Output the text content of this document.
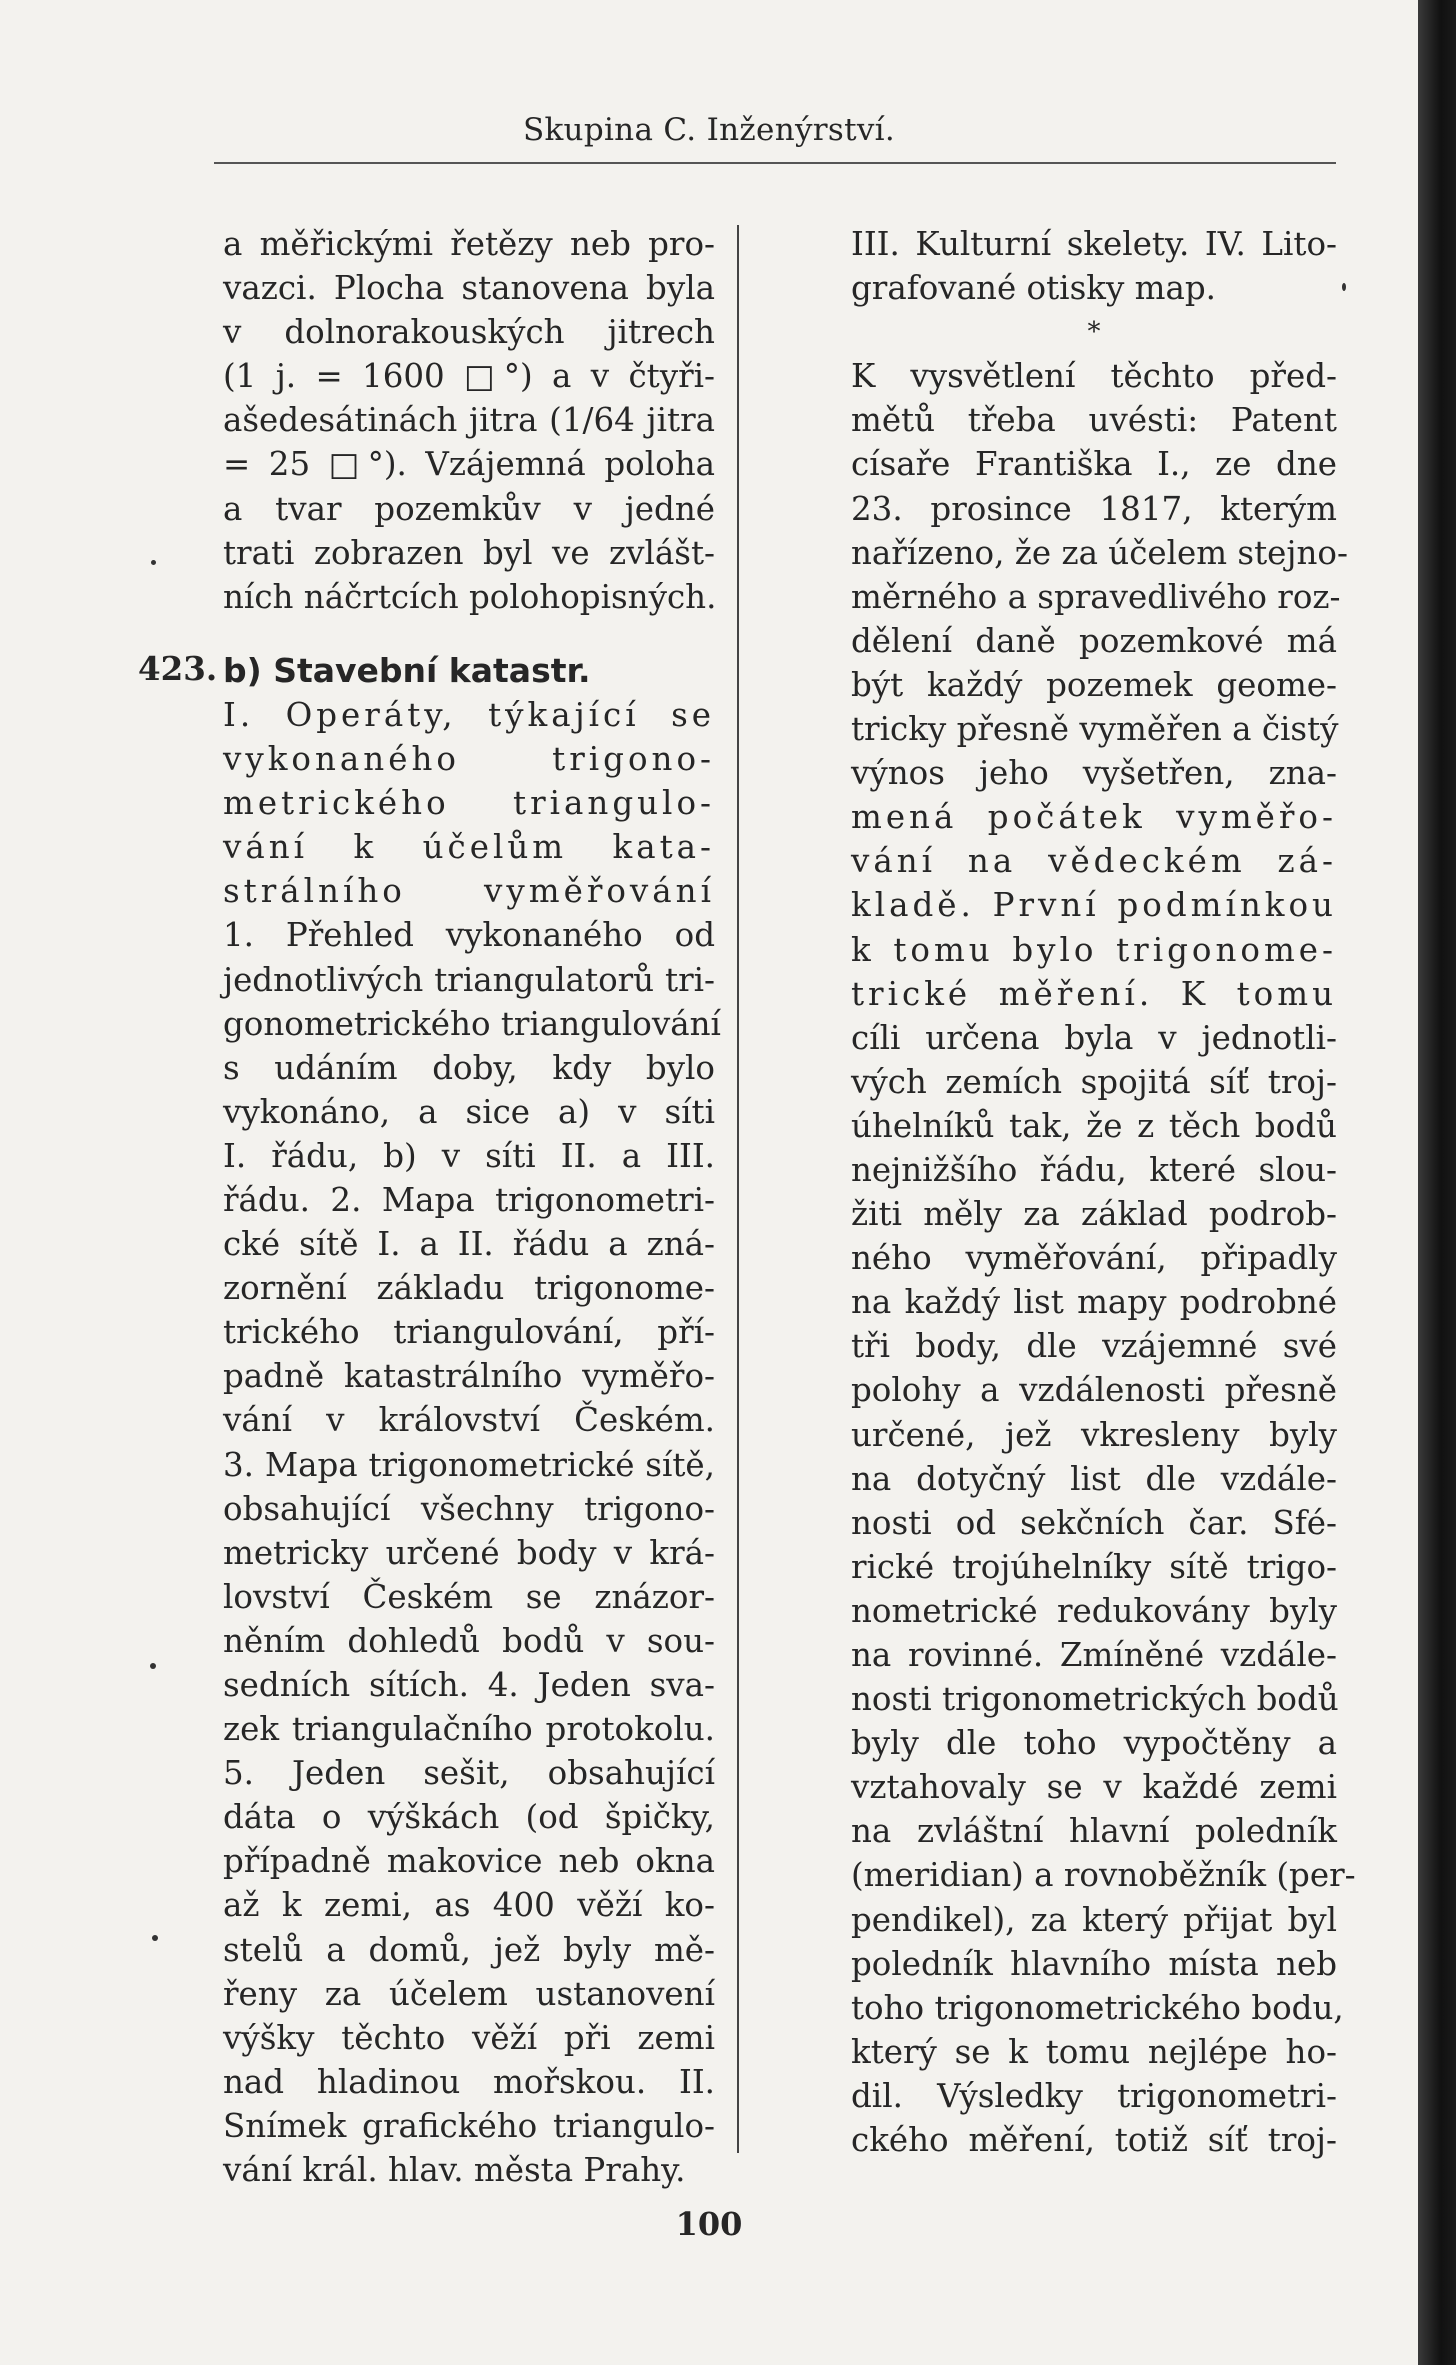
Skupina C. Inženýrství.
423.
a měřickými řetězy neb pro-
vazci. Plocha stanovena byla
v dolnorakouských jitrech
(1 j. = 1600 □°) a v čtyři-
ašedesátinách jitra (1/64 jitra
= 25 □°). Vzájemná poloha
a tvar pozemkův v jedné
trati zobrazen byl ve zvlášt-
ních náčrtcích polohopisných.
b) Stavební katastr.
I. Operáty, týkající se
vykonaného trigono-
metrického triangulo-
vání k účelům kata-
strálního vyměřování
1. Přehled vykonaného od
jednotlivých triangulatorů tri-
gonometrického triangulování
s udáním doby, kdy bylo
vykonáno, a sice a) v síti
I. řádu, b) v síti II. a III.
řádu. 2. Mapa trigonometri-
cké sítě I. a II. řádu a zná-
zornění základu trigonome-
trického triangulování, pří-
padně katastrálního vyměřo-
vání v království Českém.
3. Mapa trigonometrické sítě,
obsahující všechny trigono-
metricky určené body v krá-
lovství Českém se znázor-
něním dohledů bodů v sou-
sedních sítích. 4. Jeden sva-
zek triangulačního protokolu.
5. Jeden sešit, obsahující
dáta o výškách (od špičky,
případně makovice neb okna
až k zemi, as 400 věží ko-
stelů a domů, jež byly mě-
řeny za účelem ustanovení
výšky těchto věží při zemi
nad hladinou mořskou. II.
Snímek grafického triangulo-
vání král. hlav. města Prahy.
III. Kulturní skelety. IV. Lito-
grafované otisky map.
*
K vysvětlení těchto před-
mětů třeba uvésti: Patent
císaře Františka I., ze dne
23. prosince 1817, kterým
nařízeno, že za účelem stejno-
měrného a spravedlivého roz-
dělení daně pozemkové má
být každý pozemek geome-
tricky přesně vyměřen a čistý
výnos jeho vyšetřen, zna-
mená počátek vyměřo-
vání na vědeckém zá-
kladě. První podmínkou
k tomu bylo trigonome-
trické měření. K tomu
cíli určena byla v jednotli-
vých zemích spojitá síť troj-
úhelníků tak, že z těch bodů
nejnižšího řádu, které slou-
žiti měly za základ podrob-
ného vyměřování, připadly
na každý list mapy podrobné
tři body, dle vzájemné své
polohy a vzdálenosti přesně
určené, jež vkresleny byly
na dotyčný list dle vzdále-
nosti od sekčních čar. Sfé-
rické trojúhelníky sítě trigo-
nometrické redukovány byly
na rovinné. Zmíněné vzdále-
nosti trigonometrických bodů
byly dle toho vypočtěny a
vztahovaly se v každé zemi
na zvláštní hlavní poledník
(meridian) a rovnoběžník (per-
pendikel), za který přijat byl
poledník hlavního místa neb
toho trigonometrického bodu,
který se k tomu nejlépe ho-
dil. Výsledky trigonometri-
ckého měření, totiž síť troj-
100
